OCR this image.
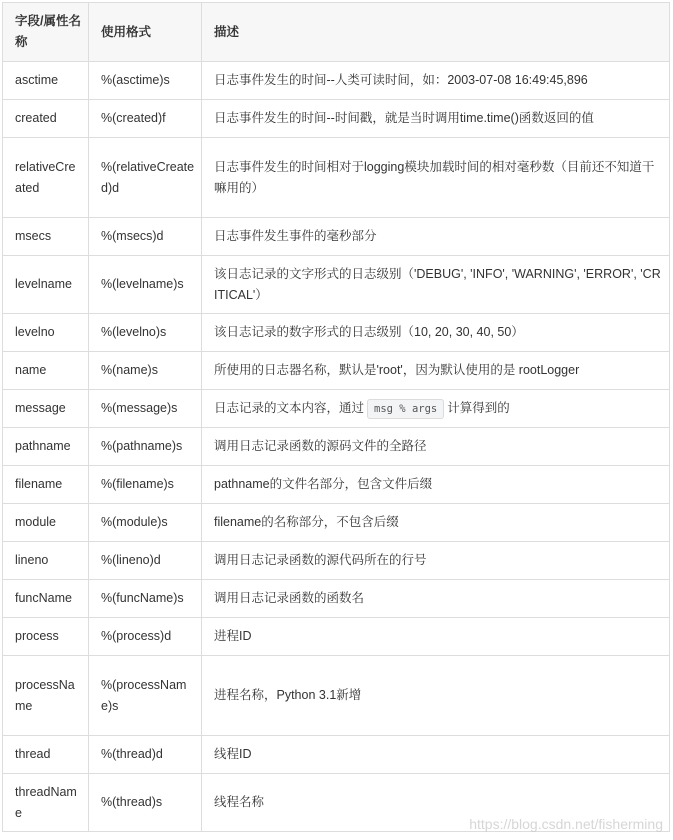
字段/属性名称	使用格式	描述
asctime	%(asctime)s	日志事件发生的时间--人类可读时间，如：2003-07-08 16:49:45,896
created	%(created)f	日志事件发生的时间--时间戳，就是当时调用time.time()函数返回的值
relativeCreated	%(relativeCreated)d	日志事件发生的时间相对于logging模块加载时间的相对毫秒数（目前还不知道干嘛用的）
msecs	%(msecs)d	日志事件发生事件的毫秒部分
levelname	%(levelname)s	该日志记录的文字形式的日志级别（'DEBUG', 'INFO', 'WARNING', 'ERROR', 'CRITICAL'）
levelno	%(levelno)s	该日志记录的数字形式的日志级别（10, 20, 30, 40, 50）
name	%(name)s	所使用的日志器名称，默认是'root'，因为默认使用的是 rootLogger
message	%(message)s	日志记录的文本内容，通过 msg % args 计算得到的
pathname	%(pathname)s	调用日志记录函数的源码文件的全路径
filename	%(filename)s	pathname的文件名部分，包含文件后缀
module	%(module)s	filename的名称部分，不包含后缀
lineno	%(lineno)d	调用日志记录函数的源代码所在的行号
funcName	%(funcName)s	调用日志记录函数的函数名
process	%(process)d	进程ID
processName	%(processName)s	进程名称，Python 3.1新增
thread	%(thread)d	线程ID
threadName	%(thread)s	线程名称
https://blog.csdn.net/fisherming
